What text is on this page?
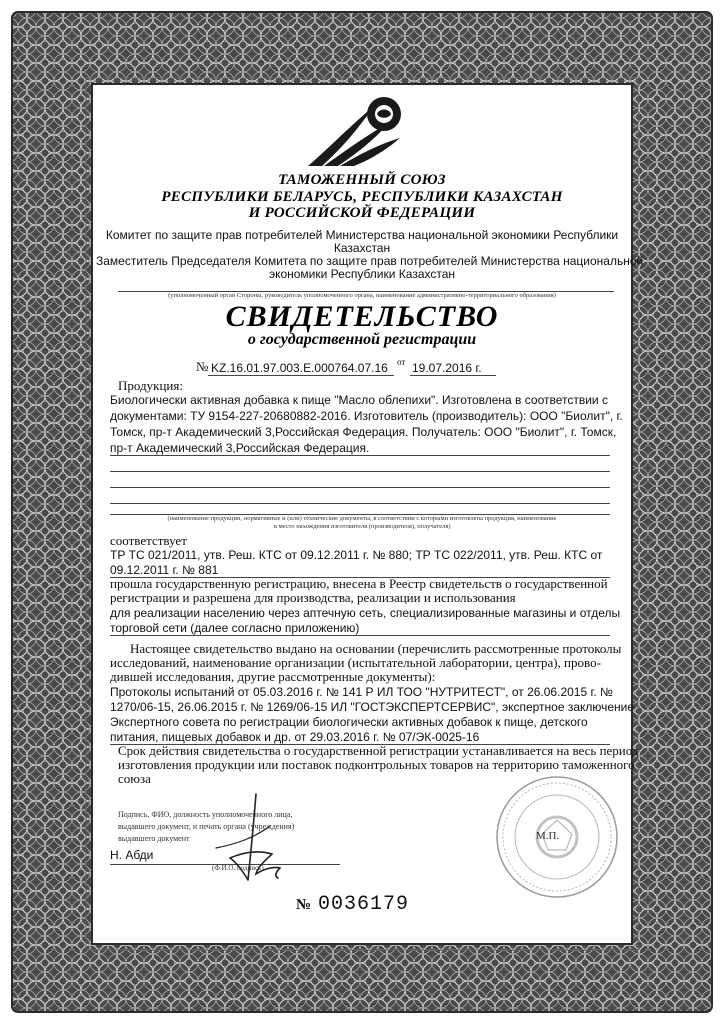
ТАМОЖЕННЫЙ СОЮЗ
РЕСПУБЛИКИ БЕЛАРУСЬ, РЕСПУБЛИКИ КАЗАХСТАН
И РОССИЙСКОЙ ФЕДЕРАЦИИ
Комитет по защите прав потребителей Министерства национальной экономики Республики
Казахстан
Заместитель Председателя Комитета по защите прав потребителей Министерства национальной
экономики Республики Казахстан
(уполномоченный орган Стороны, руководитель уполномоченного органа, наименование административно-территориального образования)
СВИДЕТЕЛЬСТВО
о государственной регистрации
№ KZ.16.01.97.003.Е.000764.07.16 от 19.07.2016 г.
Продукция:
Биологически активная добавка к пище "Масло облепихи". Изготовлена в соответствии с
документами: ТУ 9154-227-20680882-2016. Изготовитель (производитель): ООО "Биолит", г.
Томск, пр-т Академический 3,Российская Федерация. Получатель: ООО "Биолит", г. Томск,
пр-т Академический 3,Российская Федерация.
(наименование продукции, нормативные и (или) технические документы, в соответствии с которыми изготовлена продукция, наименование
и место нахождения изготовителя (производителя), получателя)
соответствует
ТР ТС 021/2011, утв. Реш. КТС от 09.12.2011 г. № 880; ТР ТС 022/2011, утв. Реш. КТС от
09.12.2011 г. № 881
прошла государственную регистрацию, внесена в Реестр свидетельств о государственной
регистрации и разрешена для производства, реализации и использования
для реализации населению через аптечную сеть, специализированные магазины и отделы
торговой сети (далее согласно приложению)
Настоящее свидетельство выдано на основании (перечислить рассмотренные протоколы
исследований, наименование организации (испытательной лаборатории, центра), прово-
дившей исследования, другие рассмотренные документы):
Протоколы испытаний от 05.03.2016 г. № 141 Р ИЛ ТОО "НУТРИТЕСТ", от 26.06.2015 г. №
1270/06-15, 26.06.2015 г. № 1269/06-15 ИЛ "ГОСТЭКСПЕРТСЕРВИС", экспертное заключение
Экспертного совета по регистрации биологически активных добавок к пище, детского
питания, пищевых добавок и др. от 29.03.2016 г. № 07/ЭК-0025-16
Срок действия свидетельства о государственной регистрации устанавливается на весь период
изготовления продукции или поставок подконтрольных товаров на территорию таможенного
союза
Подпись, ФИО, должность уполномоченного лица,
выдавшего документ, и печать органа (учреждения)
выдавшего документ
Н. Абди
(Ф.И.О. подпись)
М.П.
№ 0036179
